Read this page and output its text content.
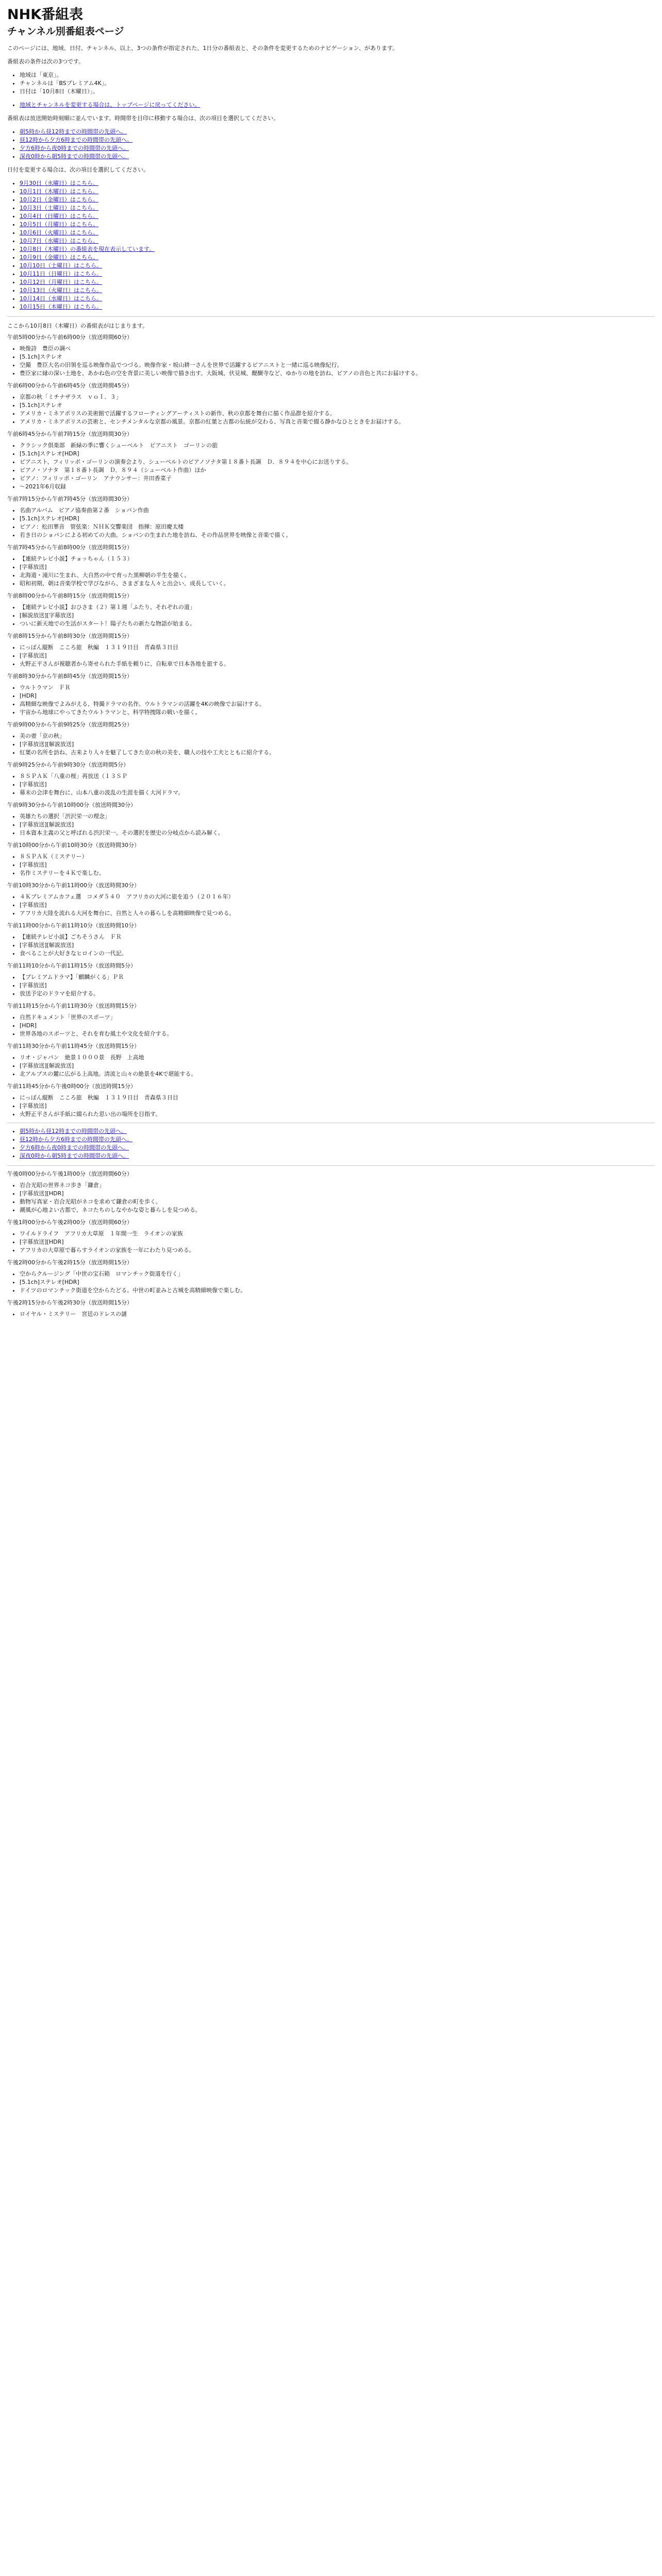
NHK番組表
チャンネル別番組表ページ

このページには、地域、日付、チャンネル、以上、3つの条件が指定された、1日分の番組表と、その条件を変更するためのナビゲーション、があります。

番組表の条件は次の3つです。

• 地域は「東京」。
• チャンネルは「BSプレミアム4K」。
• 日付は「10月8日（木曜日）」。
• 地域とチャンネルを変更する場合は、トップページに戻ってください。

番組表は放送開始時刻順に並んでいます。時間帯を目印に移動する場合は、次の項目を選択してください。

• 朝5時から昼12時までの時間帯の先頭へ。
• 昼12時から夕方6時までの時間帯の先頭へ。
• 夕方6時から夜0時までの時間帯の先頭へ。
• 深夜0時から朝5時までの時間帯の先頭へ。

日付を変更する場合は、次の項目を選択してください。

• 9月30日（水曜日）はこちら。
• 10月1日（木曜日）はこちら。
• 10月2日（金曜日）はこちら。
• 10月3日（土曜日）はこちら。
• 10月4日（日曜日）はこちら。
• 10月5日（月曜日）はこちら。
• 10月6日（火曜日）はこちら。
• 10月7日（水曜日）はこちら。
• 10月8日（木曜日）の番組表を現在表示しています。
• 10月9日（金曜日）はこちら。
• 10月10日（土曜日）はこちら。
• 10月11日（日曜日）はこちら。
• 10月12日（月曜日）はこちら。
• 10月13日（火曜日）はこちら。
• 10月14日（水曜日）はこちら。
• 10月15日（木曜日）はこちら。

ここから10月8日（木曜日）の番組表がはじまります。

午前5時00分から午前6時00分（放送時間60分）
• 映像詩　豊臣の調べ
• [5.1ch]ステレオ
• 空撮　豊臣大名の旧領を巡る映像作品でつづる。映像作家・坂山耕一さんを世界で活躍するピアニストと一緒に巡る映像紀行。
• 豊臣家に縁の深い土地を、あかね色の空を背景に美しい映像で描き出す。大阪城、伏見城、醍醐寺など、ゆかりの地を訪ね、ピアノの音色と共にお届けする。
午前6時00分から午前6時45分（放送時間45分）
• 京都の秋「ミチナザラス　ｖｏｌ．３」
• [5.1ch]ステレオ
• アメリカ・ミネアポリスの美術館で活躍するフローティングアーティストの新作、秋の京都を舞台に描く作品群を紹介する。
• アメリカ・ミネアポリスの芸術と、センチメンタルな京都の風景。京都の紅葉と古都の伝統が交わる、写真と音楽で綴る静かなひとときをお届けする。
午前6時45分から午前7時15分（放送時間30分）
• クラシック倶楽部　新緑の季に響くシューベルト　ピアニスト　ゴーリンの旅
• [5.1ch]ステレオ[HDR]
• ピアニスト、フィリッポ・ゴーリンの演奏会より、シューベルトのピアノソナタ第１８番ト長調　Ｄ．８９４を中心にお送りする。
• ピアノ・ソナタ　第１８番ト長調　Ｄ．８９４（シューベルト作曲）ほか
• ピアノ：フィリッポ・ゴーリン　アナウンサー：井田香菜子
• 〜2021年6月収録
午前7時15分から午前7時45分（放送時間30分）
• 名曲アルバム　ピアノ協奏曲第２番　ショパン作曲
• [5.1ch]ステレオ[HDR]
• ピアノ：松田華音　管弦楽：ＮＨＫ交響楽団　指揮：原田慶太楼
• 若き日のショパンによる初めての大曲。ショパンの生まれた地を訪ね、その作品世界を映像と音楽で描く。
午前7時45分から午前8時00分（放送時間15分）
• 【連続テレビ小説】チョッちゃん（１５３）
• [字幕放送]
• 北海道・滝川に生まれ、大自然の中で育った黒柳朝の半生を描く。
• 昭和初期、朝は音楽学校で学びながら、さまざまな人々と出会い、成長していく。
午前8時00分から午前8時15分（放送時間15分）
• 【連続テレビ小説】おひさま（２）第１週「ふたり、それぞれの道」
• [解説放送][字幕放送]
• ついに新天地での生活がスタート！陽子たちの新たな物語が始まる。
午前8時15分から午前8時30分（放送時間15分）
• にっぽん縦断　こころ旅　秋編　１３１９日目　青森県３日目
• [字幕放送]
• 火野正平さんが視聴者から寄せられた手紙を頼りに、自転車で日本各地を旅する。
午前8時30分から午前8時45分（放送時間15分）
• ウルトラマン　ＦＲ
• [HDR]
• 高精細な映像でよみがえる、特撮ドラマの名作。ウルトラマンの活躍を4Kの映像でお届けする。
• 宇宙から地球にやってきたウルトラマンと、科学特捜隊の戦いを描く。
午前9時00分から午前9時25分（放送時間25分）
• 美の壺「京の秋」
• [字幕放送][解説放送]
• 紅葉の名所を訪ね、古来より人々を魅了してきた京の秋の美を、職人の技や工夫とともに紹介する。
午前9時25分から午前9時30分（放送時間5分）
• ８ＳＰＡＫ「八重の桜」再放送（１３ＳＰ
• [字幕放送]
• 幕末の会津を舞台に、山本八重の波乱の生涯を描く大河ドラマ。
午前9時30分から午前10時00分（放送時間30分）
• 英雄たちの選択「渋沢栄一の理念」
• [字幕放送][解説放送]
• 日本資本主義の父と呼ばれる渋沢栄一。その選択を歴史の分岐点から読み解く。
午前10時00分から午前10時30分（放送時間30分）
• ８ＳＰＡＫ（ミステリー）
• [字幕放送]
• 名作ミステリーを４Ｋで楽しむ。
午前10時30分から午前11時00分（放送時間30分）
• ４Ｋプレミアムカフェ選　コメダ５４０　アフリカの大河に旅を追う（２０１６年）
• [字幕放送]
• アフリカ大陸を流れる大河を舞台に、自然と人々の暮らしを高精細映像で見つめる。
午前11時00分から午前11時10分（放送時間10分）
• 【連続テレビ小説】ごちそうさん　ＦＲ
• [字幕放送][解説放送]
• 食べることが大好きなヒロインの一代記。
午前11時10分から午前11時15分（放送時間5分）
• 【プレミアムドラマ】「麒麟がくる」ＰＲ
• [字幕放送]
• 放送予定のドラマを紹介する。
午前11時15分から午前11時30分（放送時間15分）
• 自然ドキュメント「世界のスポーツ」
• [HDR]
• 世界各地のスポーツと、それを育む風土や文化を紹介する。
午前11時30分から午前11時45分（放送時間15分）
• リオ・ジャパン　絶景１０００景　長野　上高地
• [字幕放送][解説放送]
• 北アルプスの麓に広がる上高地。清流と山々の絶景を4Kで堪能する。
午前11時45分から午後0時00分（放送時間15分）
• にっぽん縦断　こころ旅　秋編　１３１９日目　青森県３日目
• [字幕放送]
• 火野正平さんが手紙に綴られた思い出の場所を目指す。
• 朝5時から昼12時までの時間帯の先頭へ。
• 昼12時から夕方6時までの時間帯の先頭へ。
• 夕方6時から夜0時までの時間帯の先頭へ。
• 深夜0時から朝5時までの時間帯の先頭へ。
午後0時00分から午後1時00分（放送時間60分）
• 岩合光昭の世界ネコ歩き「鎌倉」
• [字幕放送][HDR]
• 動物写真家・岩合光昭がネコを求めて鎌倉の町を歩く。
• 潮風が心地よい古都で、ネコたちのしなやかな姿と暮らしを見つめる。
午後1時00分から午後2時00分（放送時間60分）
• ワイルドライフ　アフリカ大草原　１年間一生　ライオンの家族
• [字幕放送][HDR]
• アフリカの大草原で暮らすライオンの家族を一年にわたり見つめる。
午後2時00分から午後2時15分（放送時間15分）
• 空からクルージング「中世の宝石箱　ロマンチック街道を行く」
• [5.1ch]ステレオ[HDR]
• ドイツのロマンチック街道を空からたどる。中世の町並みと古城を高精細映像で楽しむ。
午後2時15分から午後2時30分（放送時間15分）
• ロイヤル・ミステリー　宮廷のドレスの謎
